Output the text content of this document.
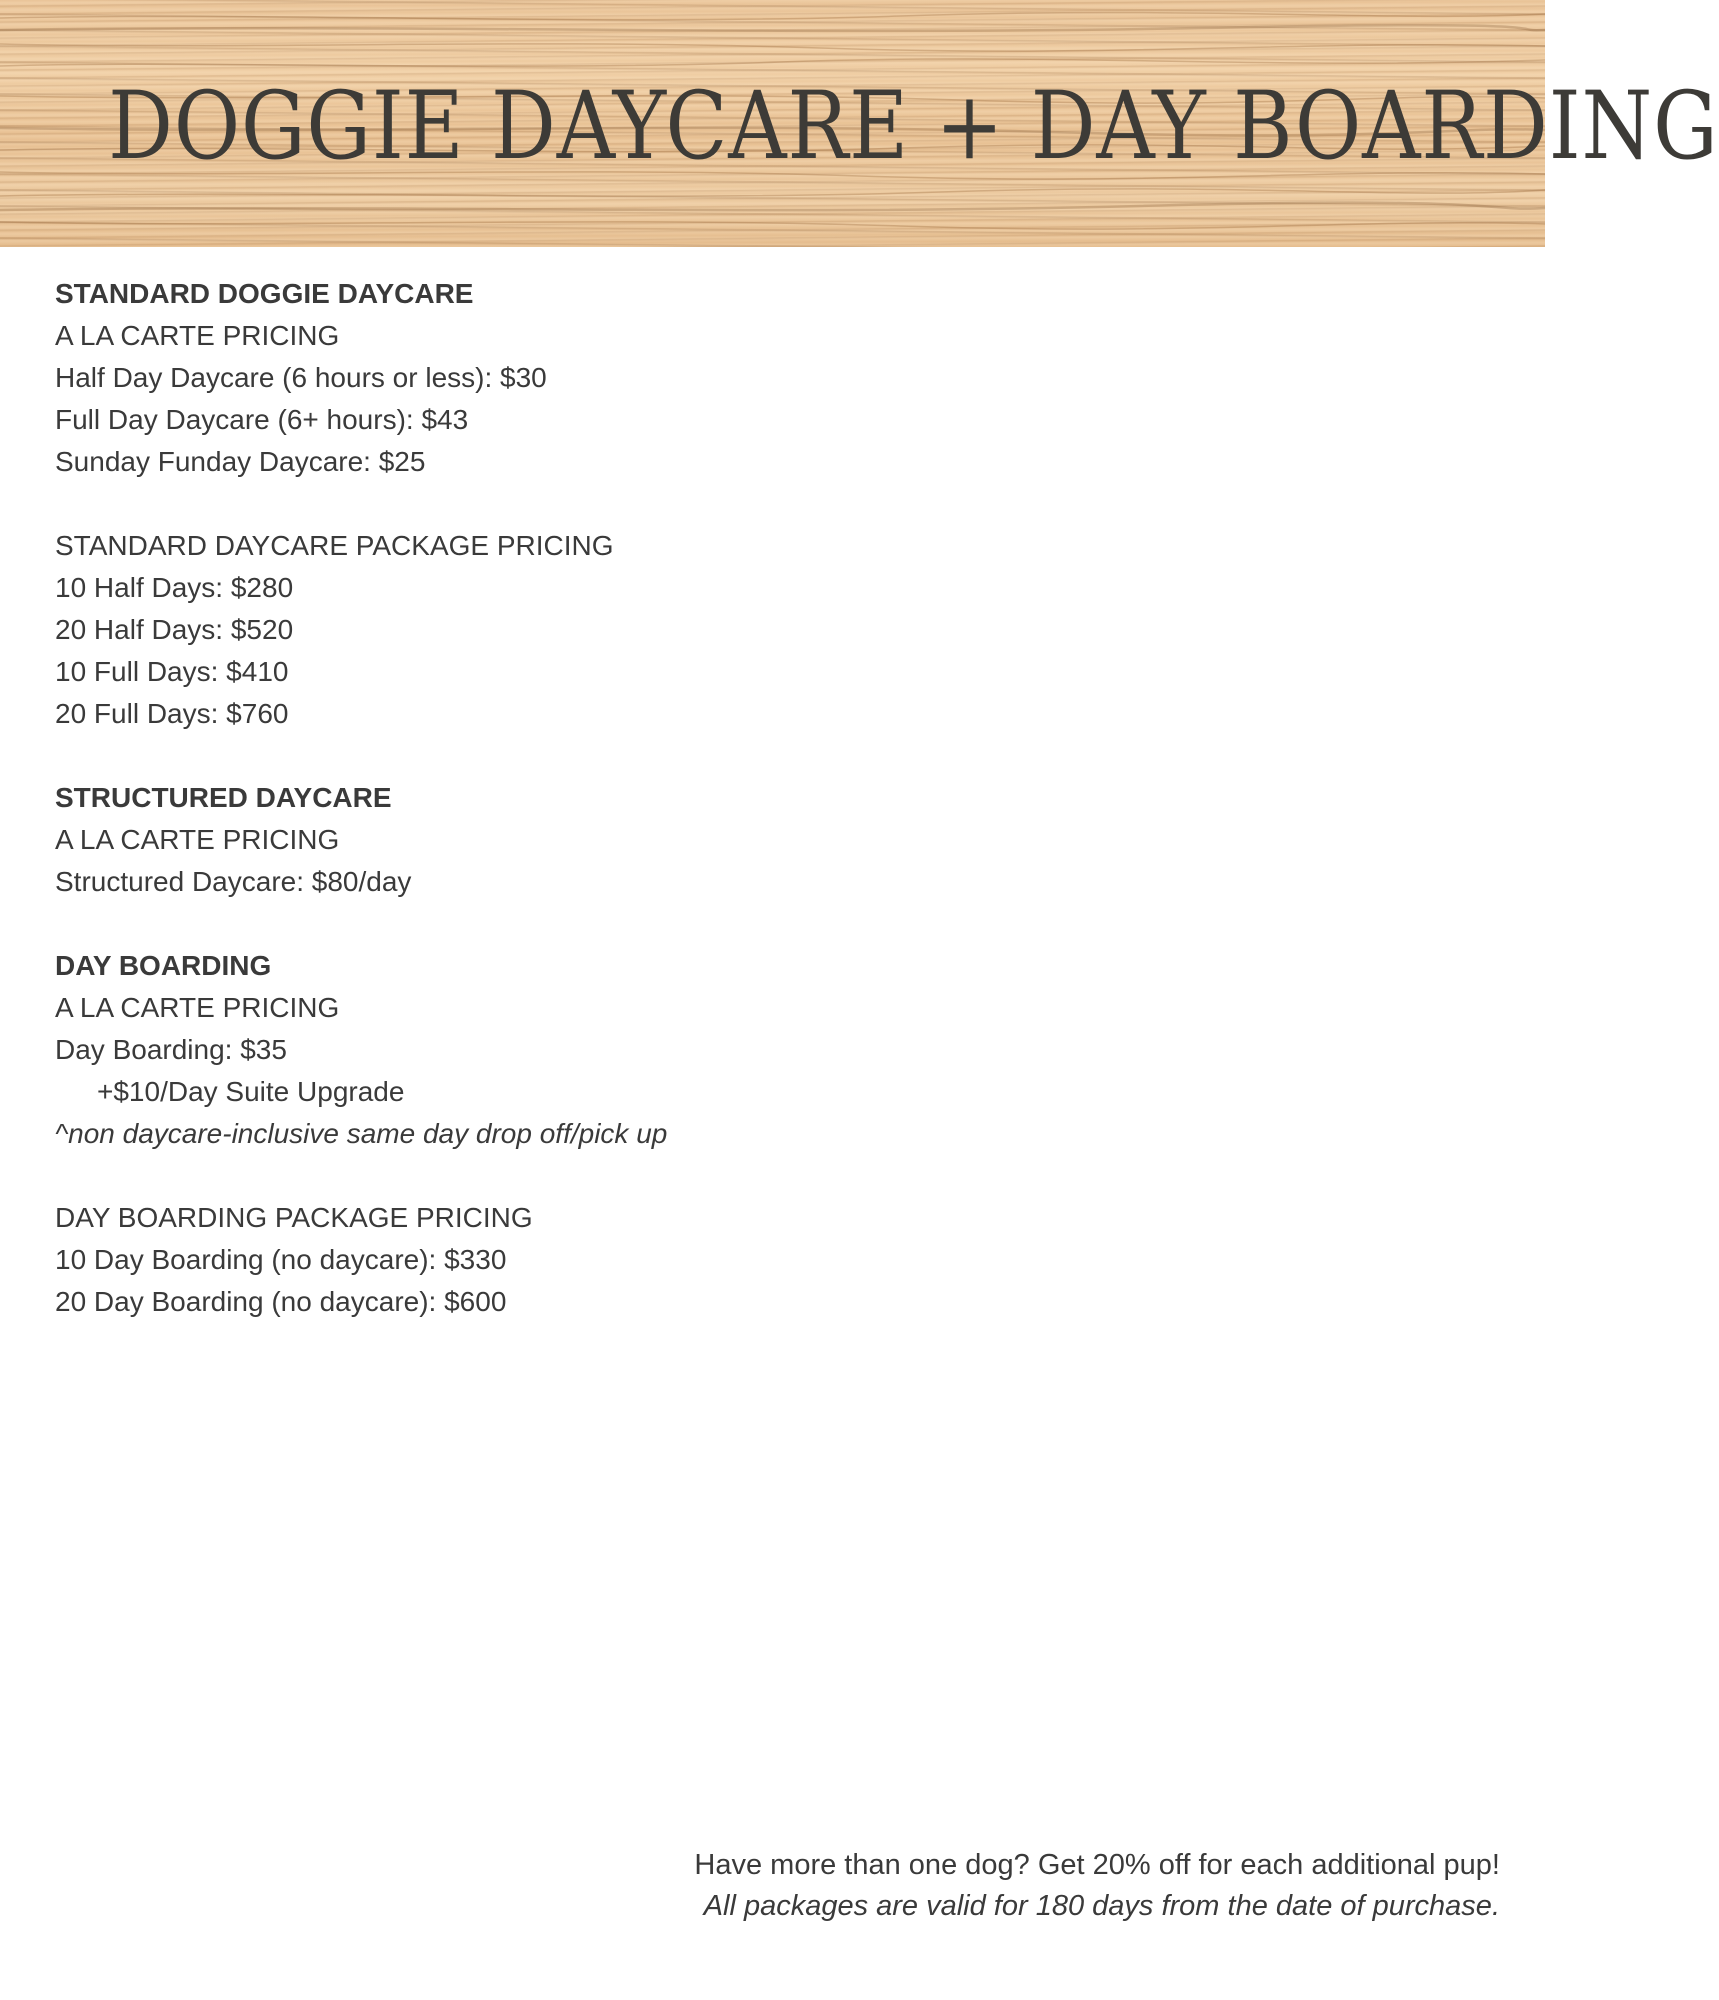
DOGGIE DAYCARE + DAY BOARDING
STANDARD DOGGIE DAYCARE
A LA CARTE PRICING
Half Day Daycare (6 hours or less): $30
Full Day Daycare (6+ hours): $43
Sunday Funday Daycare: $25
STANDARD DAYCARE PACKAGE PRICING
10 Half Days: $280
20 Half Days: $520
10 Full Days: $410
20 Full Days: $760
STRUCTURED DAYCARE
A LA CARTE PRICING
Structured Daycare: $80/day
DAY BOARDING
A LA CARTE PRICING
Day Boarding: $35
+$10/Day Suite Upgrade
^non daycare-inclusive same day drop off/pick up
DAY BOARDING PACKAGE PRICING
10 Day Boarding (no daycare): $330
20 Day Boarding (no daycare): $600
Have more than one dog? Get 20% off for each additional pup!
All packages are valid for 180 days from the date of purchase.
